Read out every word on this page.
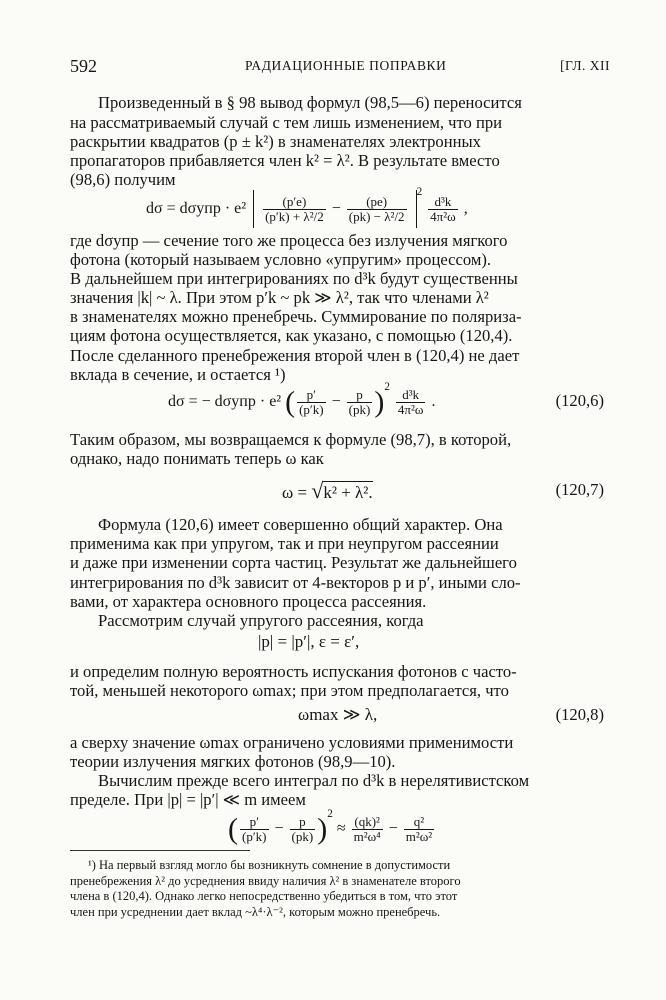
592	РАДИАЦИОННЫЕ ПОПРАВКИ	[ГЛ. XII
Произведенный в § 98 вывод формул (98,5—6) переносится
на рассматриваемый случай с тем лишь изменением, что при
раскрытии квадратов (p ± k²) в знаменателях электронных
пропагаторов прибавляется член k² = λ². В результате вместо
(98,6) получим
$d\sigma = d\sigma упр \cdot e^2 \frac{(p'e)}{\text{(p′k) + λ²/2}} - \frac{(pe)}{\text{(pk) − λ²/2}}$
$^2$
$\frac{\text{d³k}}{\text{4π²ω}}$ ,
где dσупр — сечение того же процесса без излучения мягкого
фотона (который называем условно «упругим» процессом).
В дальнейшем при интегрированиях по d³k будут существенны
значения |k| ~ λ. При этом p′k ~ pk ≫ λ², так что членами λ²
в знаменателях можно пренебречь. Суммирование по поляриза-
циям фотона осуществляется, как указано, с помощью (120,4).
После сделанного пренебрежения второй член в (120,4) не дает
вклада в сечение, и остается ¹)
dσ = − dσупр · e² ( $\frac{p'}{(p'k)} - \frac{p}{(pk)} )^2$
$\frac{\text{d³k}}{\text{4π²ω}}$ .	(120,6)
Таким образом, мы возвращаемся к формуле (98,7), в которой,
однако, надо понимать теперь ω как
ω = √k² + λ².	(120,7)
Формула (120,6) имеет совершенно общий характер. Она
применима как при упругом, так и при неупругом рассеянии
и даже при изменении сорта частиц. Результат же дальнейшего
интегрирования по d³k зависит от 4-векторов p и p′, иными сло-
вами, от характера основного процесса рассеяния.
Рассмотрим случай упругого рассеяния, когда
|p| = |p′|, ε = ε′,
и определим полную вероятность испускания фотонов с часто-
той, меньшей некоторого ωmax; при этом предполагается, что
ωmax ≫ λ,	(120,8)
а сверху значение ωmax ограничено условиями применимости
теории излучения мягких фотонов (98,9—10).
Вычислим прежде всего интеграл по d³k в нерелятивистском
пределе. При |p| = |p′| ≪ m имеем
( $\frac{p'}{(p'k)} - \frac{p}{(pk)} )^2 \approx \frac{\text{(qk)²}}{\text{m²ω⁴}} - \frac{\text{q²}}{\text{m²ω²}}$
¹) На первый взгляд могло бы возникнуть сомнение в допустимости
пренебрежения λ² до усреднения ввиду наличия λ² в знаменателе второго
члена в (120,4). Однако легко непосредственно убедиться в том, что этот
член при усреднении дает вклад ~λ⁴·λ⁻², которым можно пренебречь.
